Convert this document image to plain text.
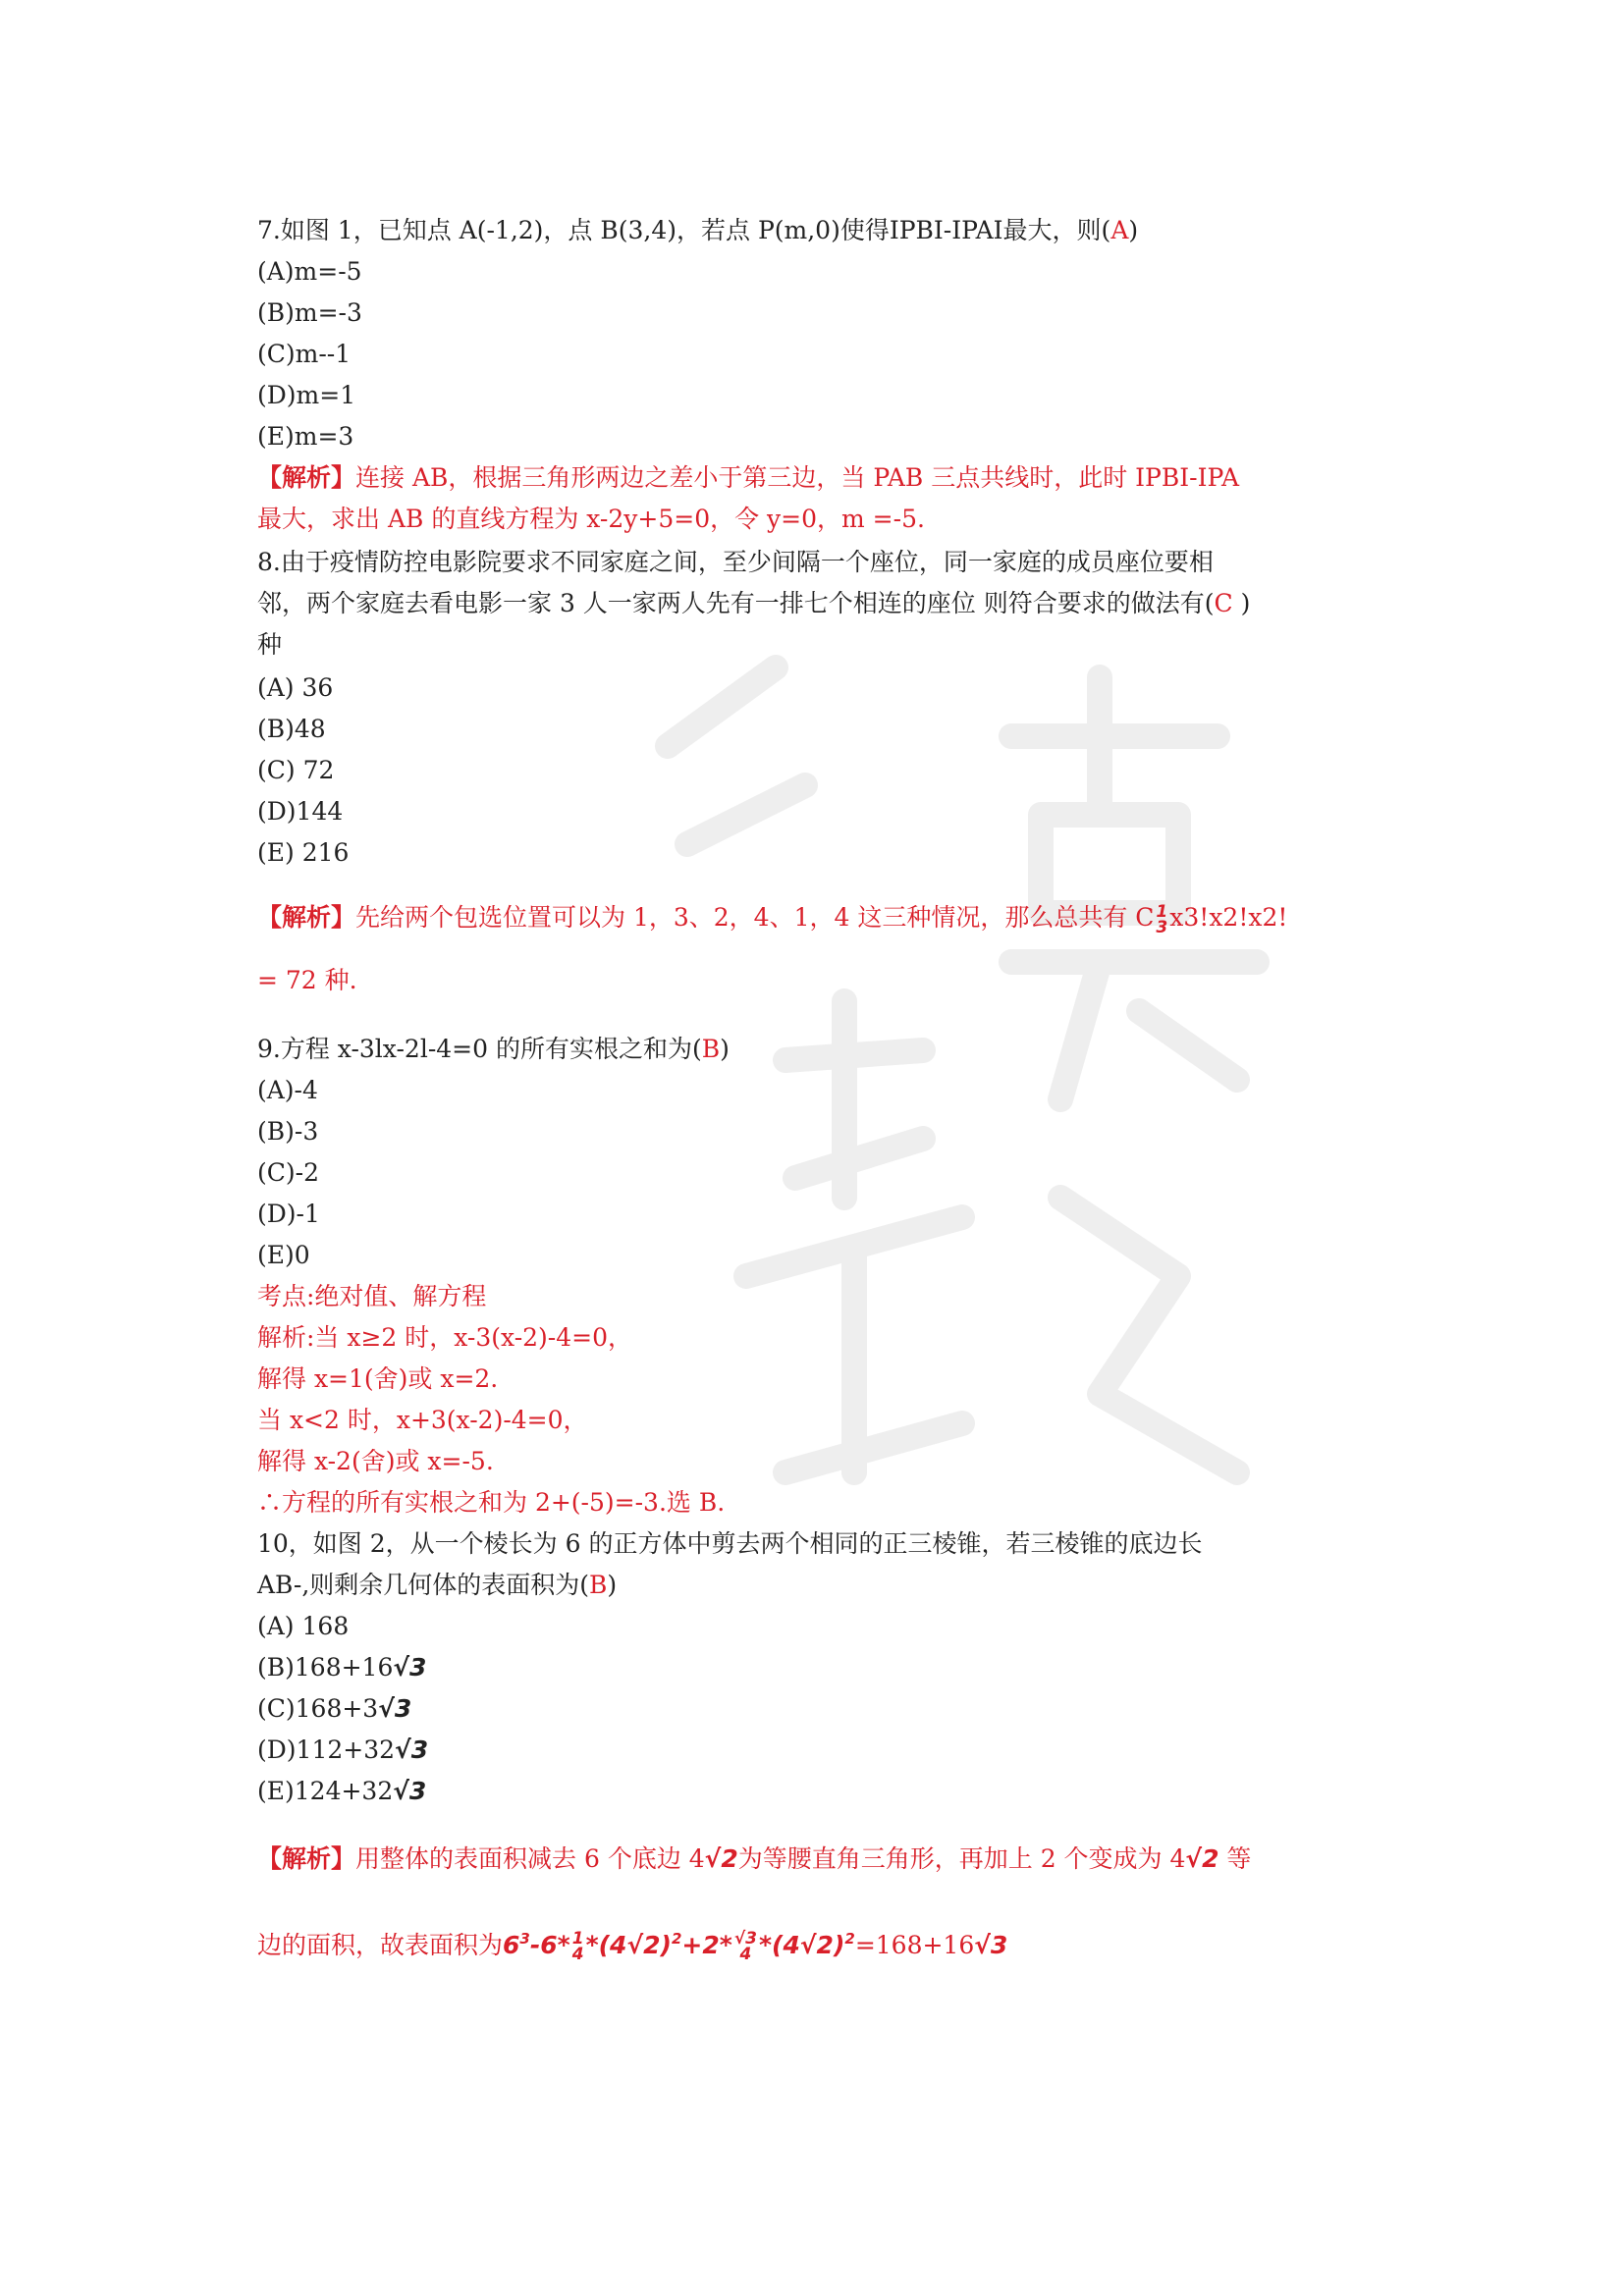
7.如图 1，已知点 A(-1,2)，点 B(3,4)，若点 P(m,0)使得IPBI-IPAI最大，则(A)
(A)m=-5
(B)m=-3
(C)m--1
(D)m=1
(E)m=3
【解析】连接 AB，根据三角形两边之差小于第三边，当 PAB 三点共线时，此时 IPBI-IPA
最大，求出 AB 的直线方程为 x-2y+5=0，令 y=0，m =-5.
8.由于疫情防控电影院要求不同家庭之间，至少间隔一个座位，同一家庭的成员座位要相
邻，两个家庭去看电影一家 3 人一家两人先有一排七个相连的座位 则符合要求的做法有(C )
种
(A) 36
(B)48
(C) 72
(D)144
(E) 216
【解析】先给两个包选位置可以为 1，3、2，4、1，4 这三种情况，那么总共有 C 1
3 x3!x2!x2!
= 72 种.
9.方程 x-3lx-2l-4=0 的所有实根之和为(B)
(A)-4
(B)-3
(C)-2
(D)-1
(E)0
考点:绝对值、解方程
解析:当 x≥2 时，x-3(x-2)-4=0，
解得 x=1(舍)或 x=2.
当 x<2 时，x+3(x-2)-4=0，
解得 x-2(舍)或 x=-5.
∴方程的所有实根之和为 2+(-5)=-3.选 B.
10，如图 2，从一个棱长为 6 的正方体中剪去两个相同的正三棱锥，若三棱锥的底边长
AB-,则剩余几何体的表面积为(B)
(A) 168
(B)168+16√3
(C)168+3√3
(D)112+32√3
(E)124+32√3
【解析】用整体的表面积减去 6 个底边 4√2为等腰直角三角形，再加上 2 个变成为 4√2 等
边的面积，故表面积为$6^3-6*$ 1
4 $*(4√2)^2+2*$ √3
4 $*(4√2)^2=168+16√3$
